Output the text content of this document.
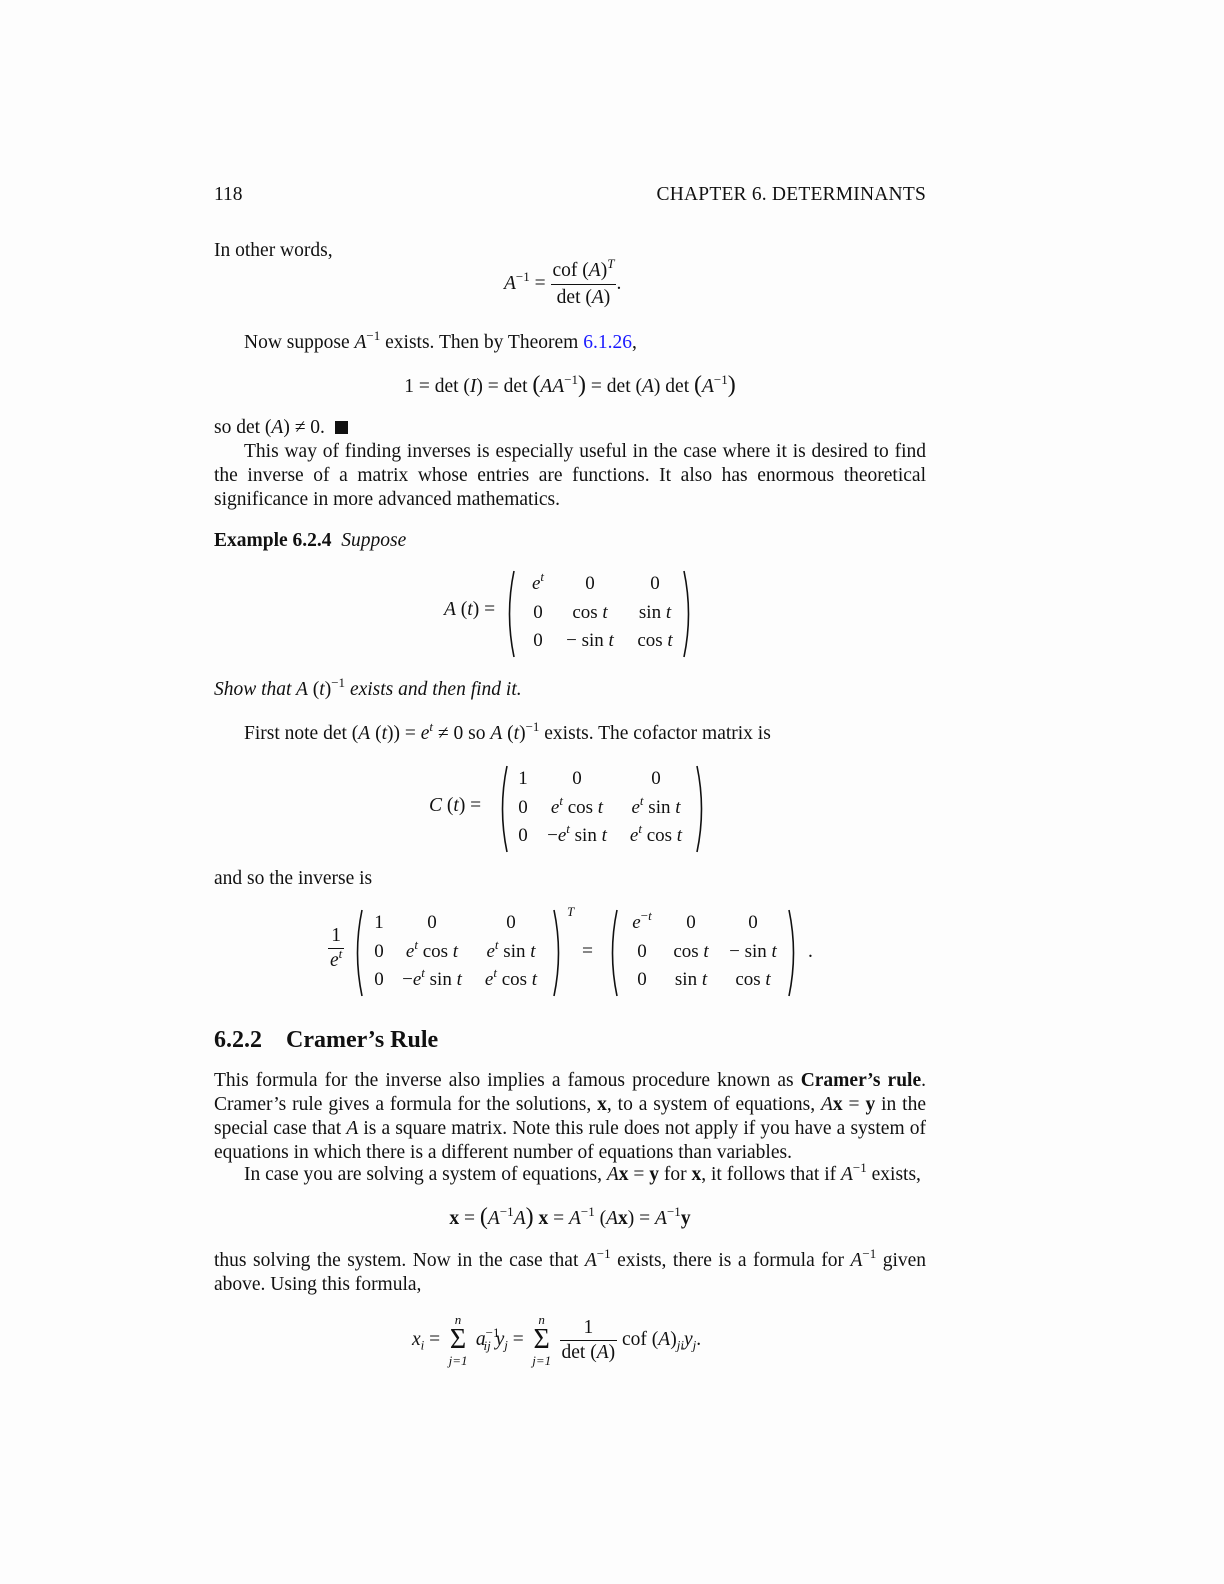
118	CHAPTER 6. DETERMINANTS
In other words,
$A^{-1} = \frac{cof (A)^T}{\det (A)}$ .
Now suppose $A^{-1}$ exists. Then by Theorem 6.1.26,
$1 = \det (I) = \det (AA^{-1}) = \det (A)$ $\det (A^{-1})$
so det (A) ≠ 0.
This way of finding inverses is especially useful in the case where it is desired to find the inverse of a matrix whose entries are functions. It also has enormous theoretical significance in more advanced mathematics.
Example 6.2.4 Suppose
A (t) =
$e^t$	0	0
0	cos t	sin t
0	− sin t	cos t
Show that A $(t)^{-1}$ exists and then find it.
First note det (A $(t)) = e^t \ne 0$ so A $(t)^{-1}$ exists. The cofactor matrix is
C (t) =
1	0	0
0	$e^t$ cos t	$e^t$ sin t
0	$-e^t$ sin t	$e^t$ cos t
and so the inverse is
$\frac{1}{e^t}$
1	0	0
0	$e^t$ cos t	$e^t$ sin t
0	$-e^t$ sin t	$e^t$ cos t
T
=
$e^{-t}$	0	0
0	cos t	− sin t
0	sin t	cos t
.
6.2.2 Cramer’s Rule
This formula for the inverse also implies a famous procedure known as Cramer’s rule. Cramer’s rule gives a formula for the solutions, x, to a system of equations, Ax = y in the special case that A is a square matrix. Note this rule does not apply if you have a system of equations in which there is a different number of equations than variables.
In case you are solving a system of equations, Ax = y for x, it follows that if $A^{-1}$ exists,
$x = (A^{-1}A) x = A^{-1}$ $(Ax) = A^{-1}y$
thus solving the system. Now in the case that $A^{-1}$ exists, there is a formula for $A^{-1}$ given above. Using this formula,
$x_i$ =
n
Σ
j=1
$a^{-1}_{ij}$ $y_j$ =
n
Σ
j=1
$\frac{1}{\det (A)}$ cof $(A)_{ji}y_j$.
